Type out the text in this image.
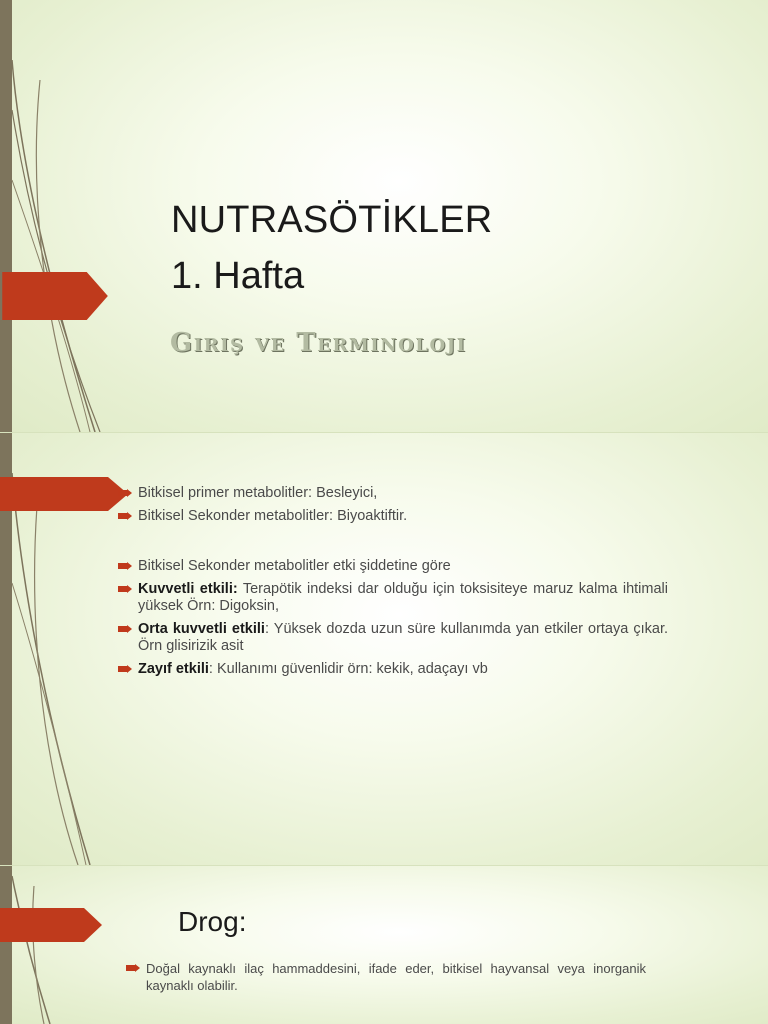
NUTRASÖTİKLER
1. Hafta
Giriş ve Terminoloji
Bitkisel primer metabolitler: Besleyici,
Bitkisel Sekonder metabolitler: Biyoaktiftir.
Bitkisel Sekonder metabolitler etki şiddetine göre
Kuvvetli etkili: Terapötik indeksi dar olduğu için toksisiteye maruz kalma ihtimali yüksek Örn: Digoksin,
Orta kuvvetli etkili: Yüksek dozda uzun süre kullanımda yan etkiler ortaya çıkar. Örn glisirizik asit
Zayıf etkili: Kullanımı güvenlidir örn: kekik, adaçayı vb
Drog:
Doğal kaynaklı ilaç hammaddesini, ifade eder, bitkisel hayvansal veya inorganik kaynaklı olabilir.
